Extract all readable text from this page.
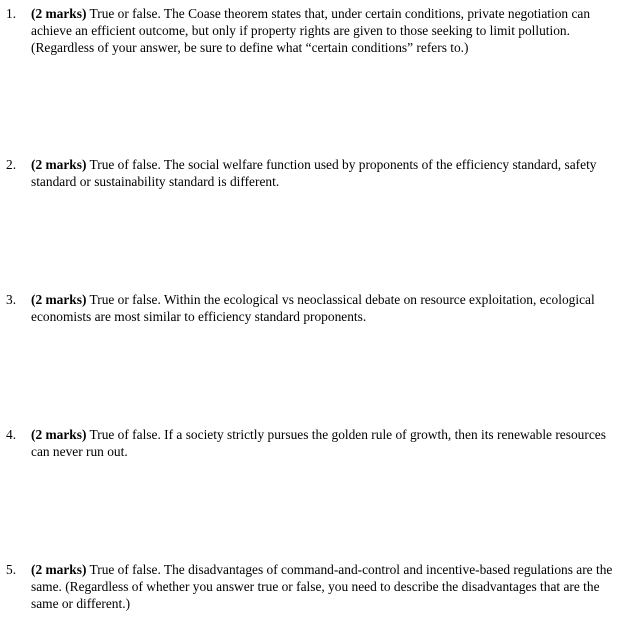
1. (2 marks) True or false. The Coase theorem states that, under certain conditions, private negotiation can achieve an efficient outcome, but only if property rights are given to those seeking to limit pollution. (Regardless of your answer, be sure to define what “certain conditions” refers to.)
2. (2 marks) True of false. The social welfare function used by proponents of the efficiency standard, safety standard or sustainability standard is different.
3. (2 marks) True or false. Within the ecological vs neoclassical debate on resource exploitation, ecological economists are most similar to efficiency standard proponents.
4. (2 marks) True of false. If a society strictly pursues the golden rule of growth, then its renewable resources can never run out.
5. (2 marks) True of false. The disadvantages of command-and-control and incentive-based regulations are the same. (Regardless of whether you answer true or false, you need to describe the disadvantages that are the same or different.)
